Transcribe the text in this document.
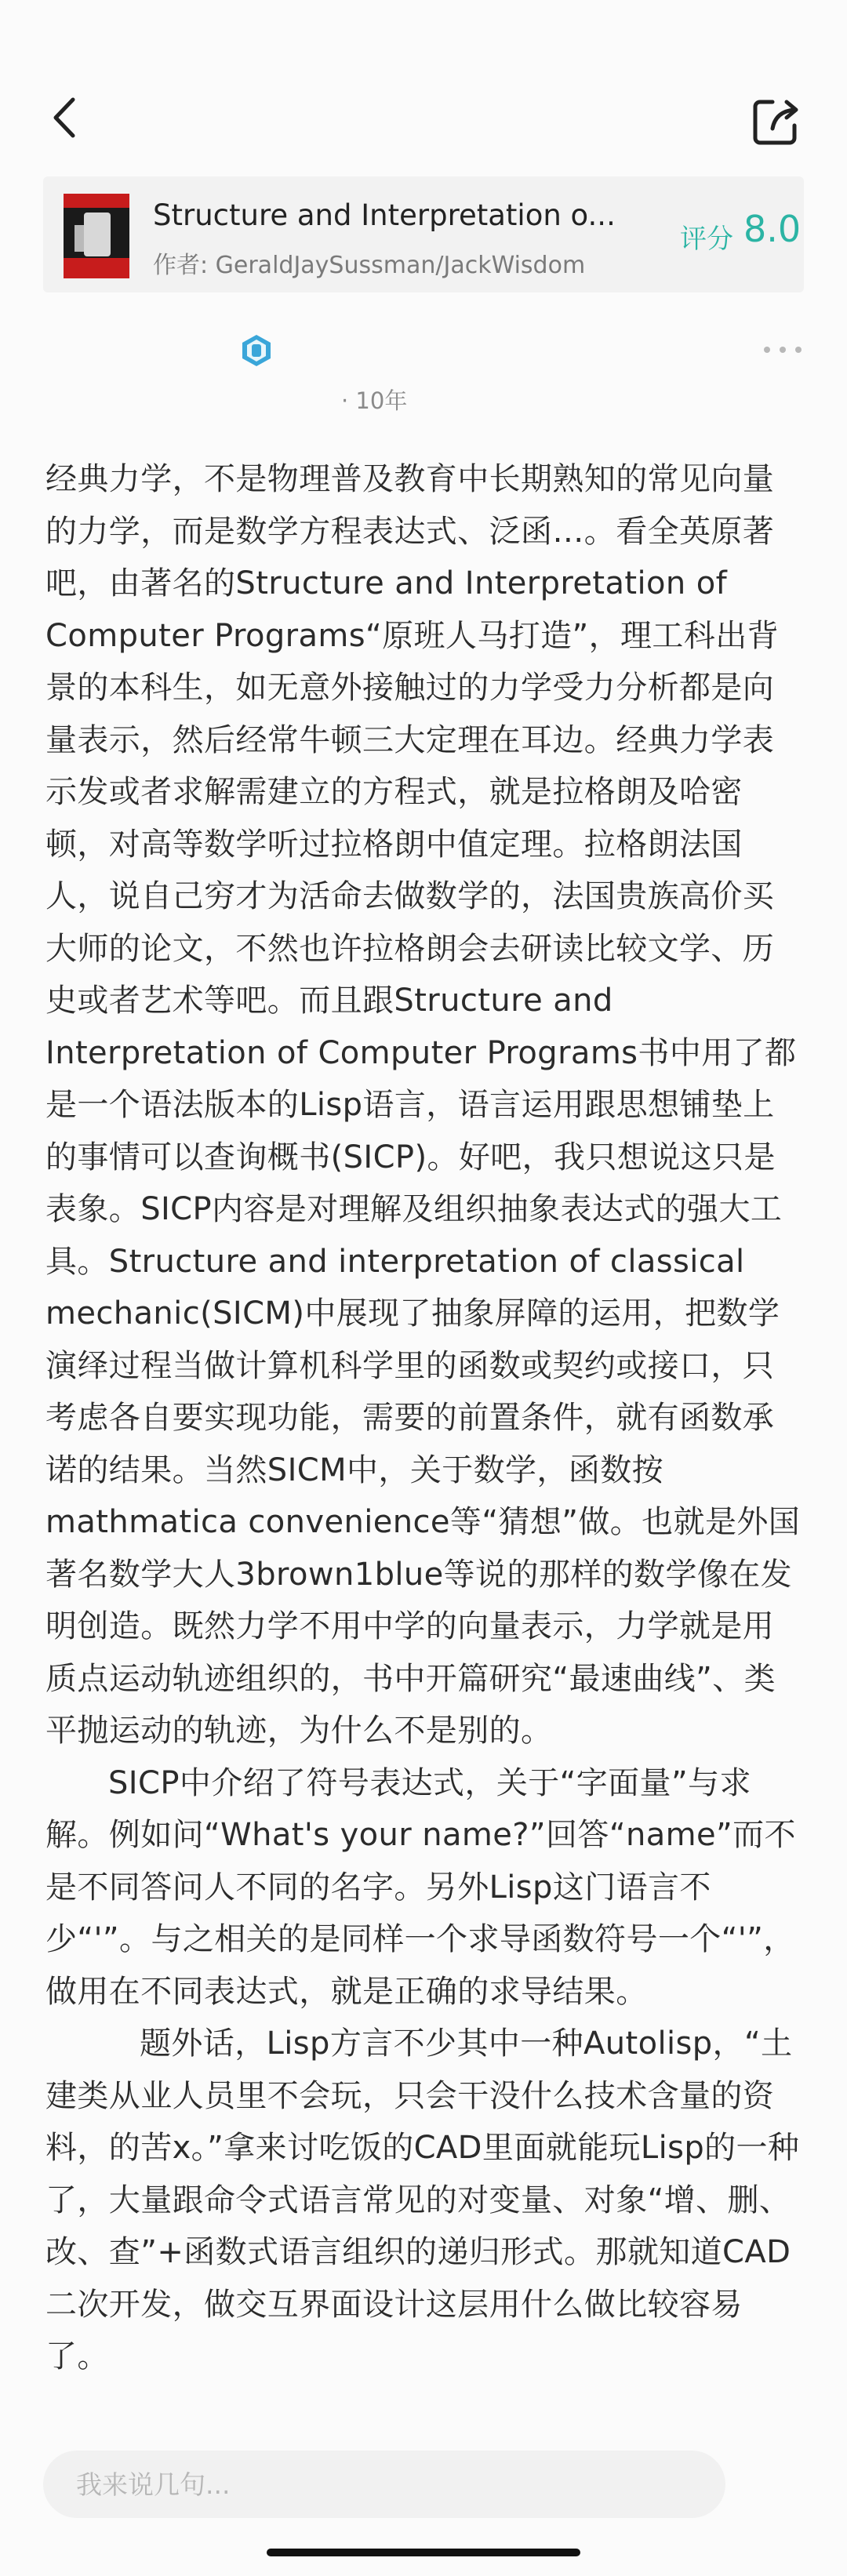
Structure and Interpretation o...
作者: GeraldJaySussman/JackWisdom
评分 8.0
· 10年

经典力学，不是物理普及教育中长期熟知的常见向量的力学，而是数学方程表达式、泛函…。看全英原著吧，由著名的Structure and Interpretation of Computer Programs“原班人马打造”，理工科出背景的本科生，如无意外接触过的力学受力分析都是向量表示，然后经常牛顿三大定理在耳边。经典力学表示发或者求解需建立的方程式，就是拉格朗及哈密顿，对高等数学听过拉格朗中值定理。拉格朗法国人，说自己穷才为活命去做数学的，法国贵族高价买大师的论文，不然也许拉格朗会去研读比较文学、历史或者艺术等吧。而且跟Structure and Interpretation of Computer Programs书中用了都是一个语法版本的Lisp语言，语言运用跟思想铺垫上的事情可以查询概书(SICP)。好吧，我只想说这只是表象。SICP内容是对理解及组织抽象表达式的强大工具。Structure and interpretation of classical mechanic(SICM)中展现了抽象屏障的运用，把数学演绎过程当做计算机科学里的函数或契约或接口，只考虑各自要实现功能，需要的前置条件，就有函数承诺的结果。当然SICM中，关于数学，函数按mathmatica convenience等“猜想”做。也就是外国著名数学大人3brown1blue等说的那样的数学像在发明创造。既然力学不用中学的向量表示，力学就是用质点运动轨迹组织的，书中开篇研究“最速曲线”、类平抛运动的轨迹，为什么不是别的。

SICP中介绍了符号表达式，关于“字面量”与求解。例如问“What's your name?”回答“name”而不是不同答问人不同的名字。另外Lisp这门语言不少“'”。与之相关的是同样一个求导函数符号一个“'”，做用在不同表达式，就是正确的求导结果。

题外话，Lisp方言不少其中一种Autolisp，“土建类从业人员里不会玩，只会干没什么技术含量的资料，的苦x。”拿来讨吃饭的CAD里面就能玩Lisp的一种了，大量跟命令式语言常见的对变量、对象“增、删、改、查”+函数式语言组织的递归形式。那就知道CAD二次开发，做交互界面设计这层用什么做比较容易了。

我来说几句...
